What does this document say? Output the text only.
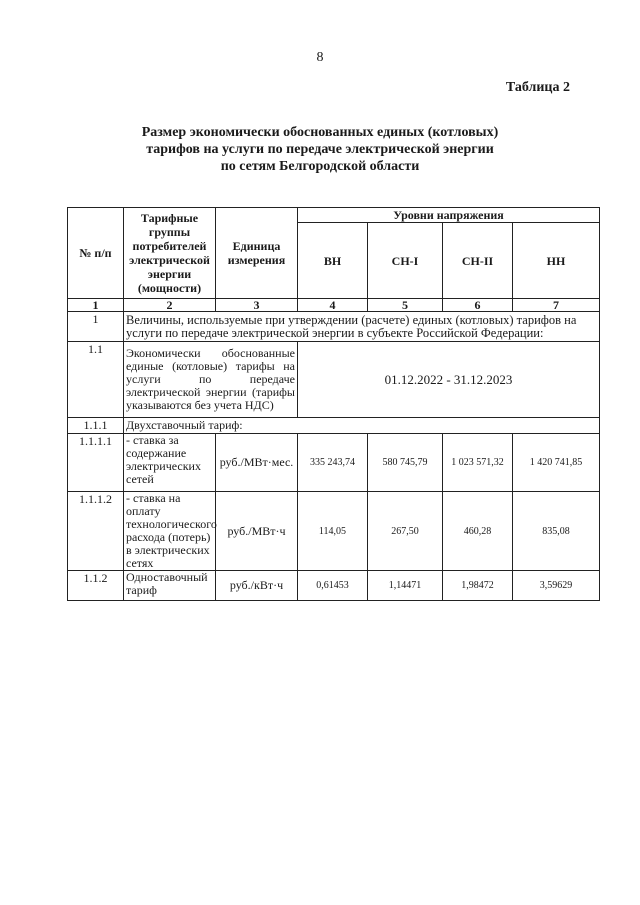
8
Таблица 2
Размер экономически обоснованных единых (котловых)
тарифов на услуги по передаче электрической энергии
по сетям Белгородской области
№ п/п	Тарифные группы потребителей электрической энергии (мощности)	Единица измерения	Уровни напряжения			
			ВН	СН-I	СН-II	НН
1	2	3	4	5	6	7
1	Величины, используемые при утверждении (расчете) единых (котловых) тарифов на услуги по передаче электрической энергии в субъекте Российской Федерации:					
1.1	Экономически обоснованные единые (котловые) тарифы на услуги по передаче электрической энергии (тарифы указываются без учета НДС)		01.12.2022 - 31.12.2023			
1.1.1	Двухставочный тариф:					
1.1.1.1	- ставка за содержание электрических сетей	руб./МВт·мес.	335 243,74	580 745,79	1 023 571,32	1 420 741,85
1.1.1.2	- ставка на оплату технологического расхода (потерь) в электрических сетях	руб./МВт·ч	114,05	267,50	460,28	835,08
1.1.2	Одноставочный тариф	руб./кВт·ч	0,61453	1,14471	1,98472	3,59629
